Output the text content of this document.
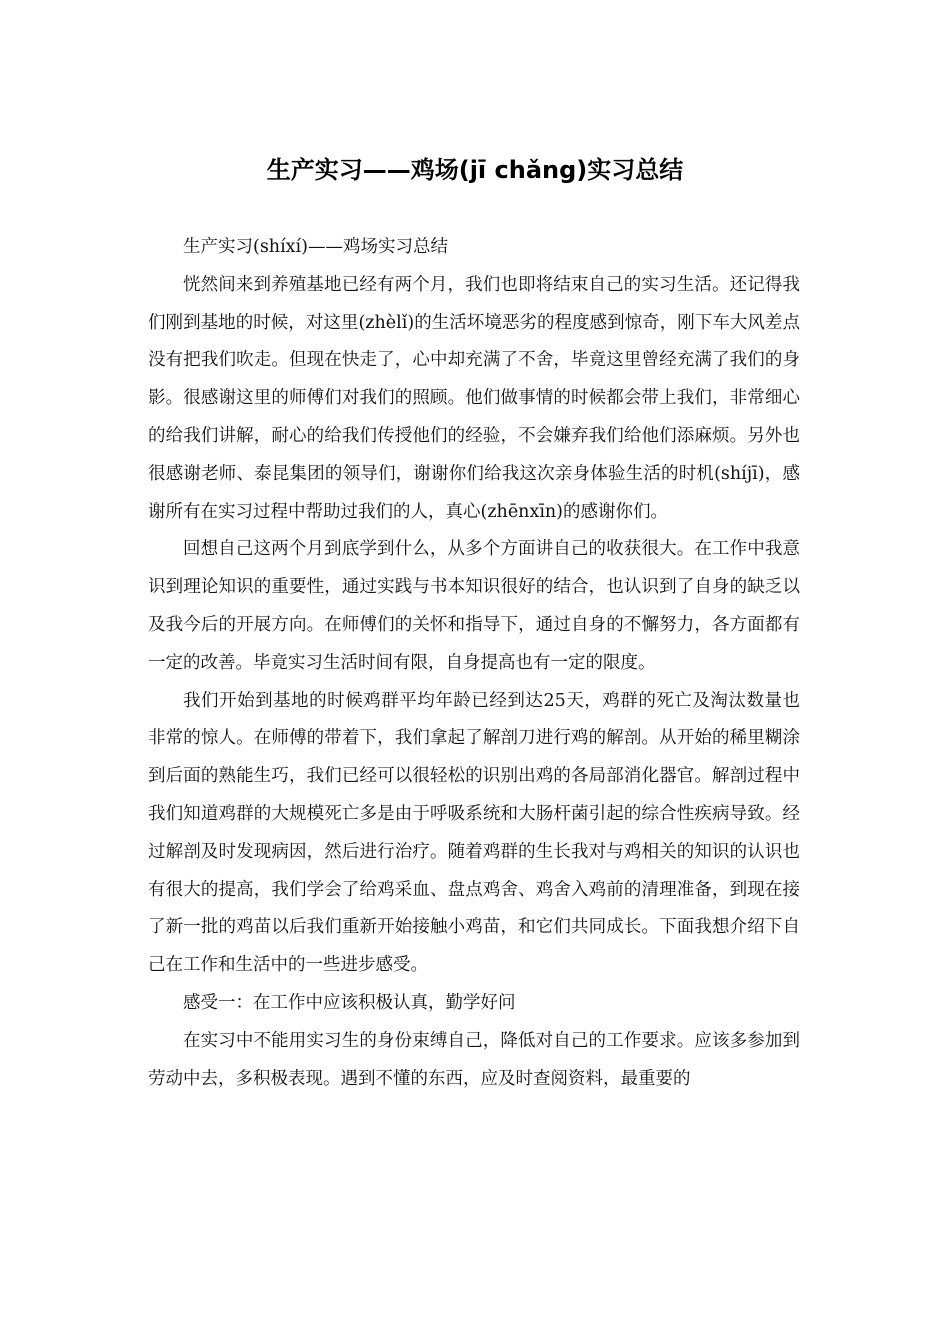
生产实习——鸡场(jī chǎng)实习总结

生产实习(shíxí)——鸡场实习总结

恍然间来到养殖基地已经有两个月，我们也即将结束自己的实习生活。还记得我们刚到基地的时候，对这里(zhèlǐ)的生活坏境恶劣的程度感到惊奇，刚下车大风差点没有把我们吹走。但现在快走了，心中却充满了不舍，毕竟这里曾经充满了我们的身影。很感谢这里的师傅们对我们的照顾。他们做事情的时候都会带上我们，非常细心的给我们讲解，耐心的给我们传授他们的经验，不会嫌弃我们给他们添麻烦。另外也很感谢老师、泰昆集团的领导们，谢谢你们给我这次亲身体验生活的时机(shíjī)，感谢所有在实习过程中帮助过我们的人，真心(zhēnxīn)的感谢你们。

回想自己这两个月到底学到什么，从多个方面讲自己的收获很大。在工作中我意识到理论知识的重要性，通过实践与书本知识很好的结合，也认识到了自身的缺乏以及我今后的开展方向。在师傅们的关怀和指导下，通过自身的不懈努力，各方面都有一定的改善。毕竟实习生活时间有限，自身提高也有一定的限度。

我们开始到基地的时候鸡群平均年龄已经到达25天，鸡群的死亡及淘汰数量也非常的惊人。在师傅的带着下，我们拿起了解剖刀进行鸡的解剖。从开始的稀里糊涂到后面的熟能生巧，我们已经可以很轻松的识别出鸡的各局部消化器官。解剖过程中我们知道鸡群的大规模死亡多是由于呼吸系统和大肠杆菌引起的综合性疾病导致。经过解剖及时发现病因，然后进行治疗。随着鸡群的生长我对与鸡相关的知识的认识也有很大的提高，我们学会了给鸡采血、盘点鸡舍、鸡舍入鸡前的清理准备，到现在接了新一批的鸡苗以后我们重新开始接触小鸡苗，和它们共同成长。下面我想介绍下自己在工作和生活中的一些进步感受。

感受一：在工作中应该积极认真，勤学好问

在实习中不能用实习生的身份束缚自己，降低对自己的工作要求。应该多参加到劳动中去，多积极表现。遇到不懂的东西，应及时查阅资料，最重要的
